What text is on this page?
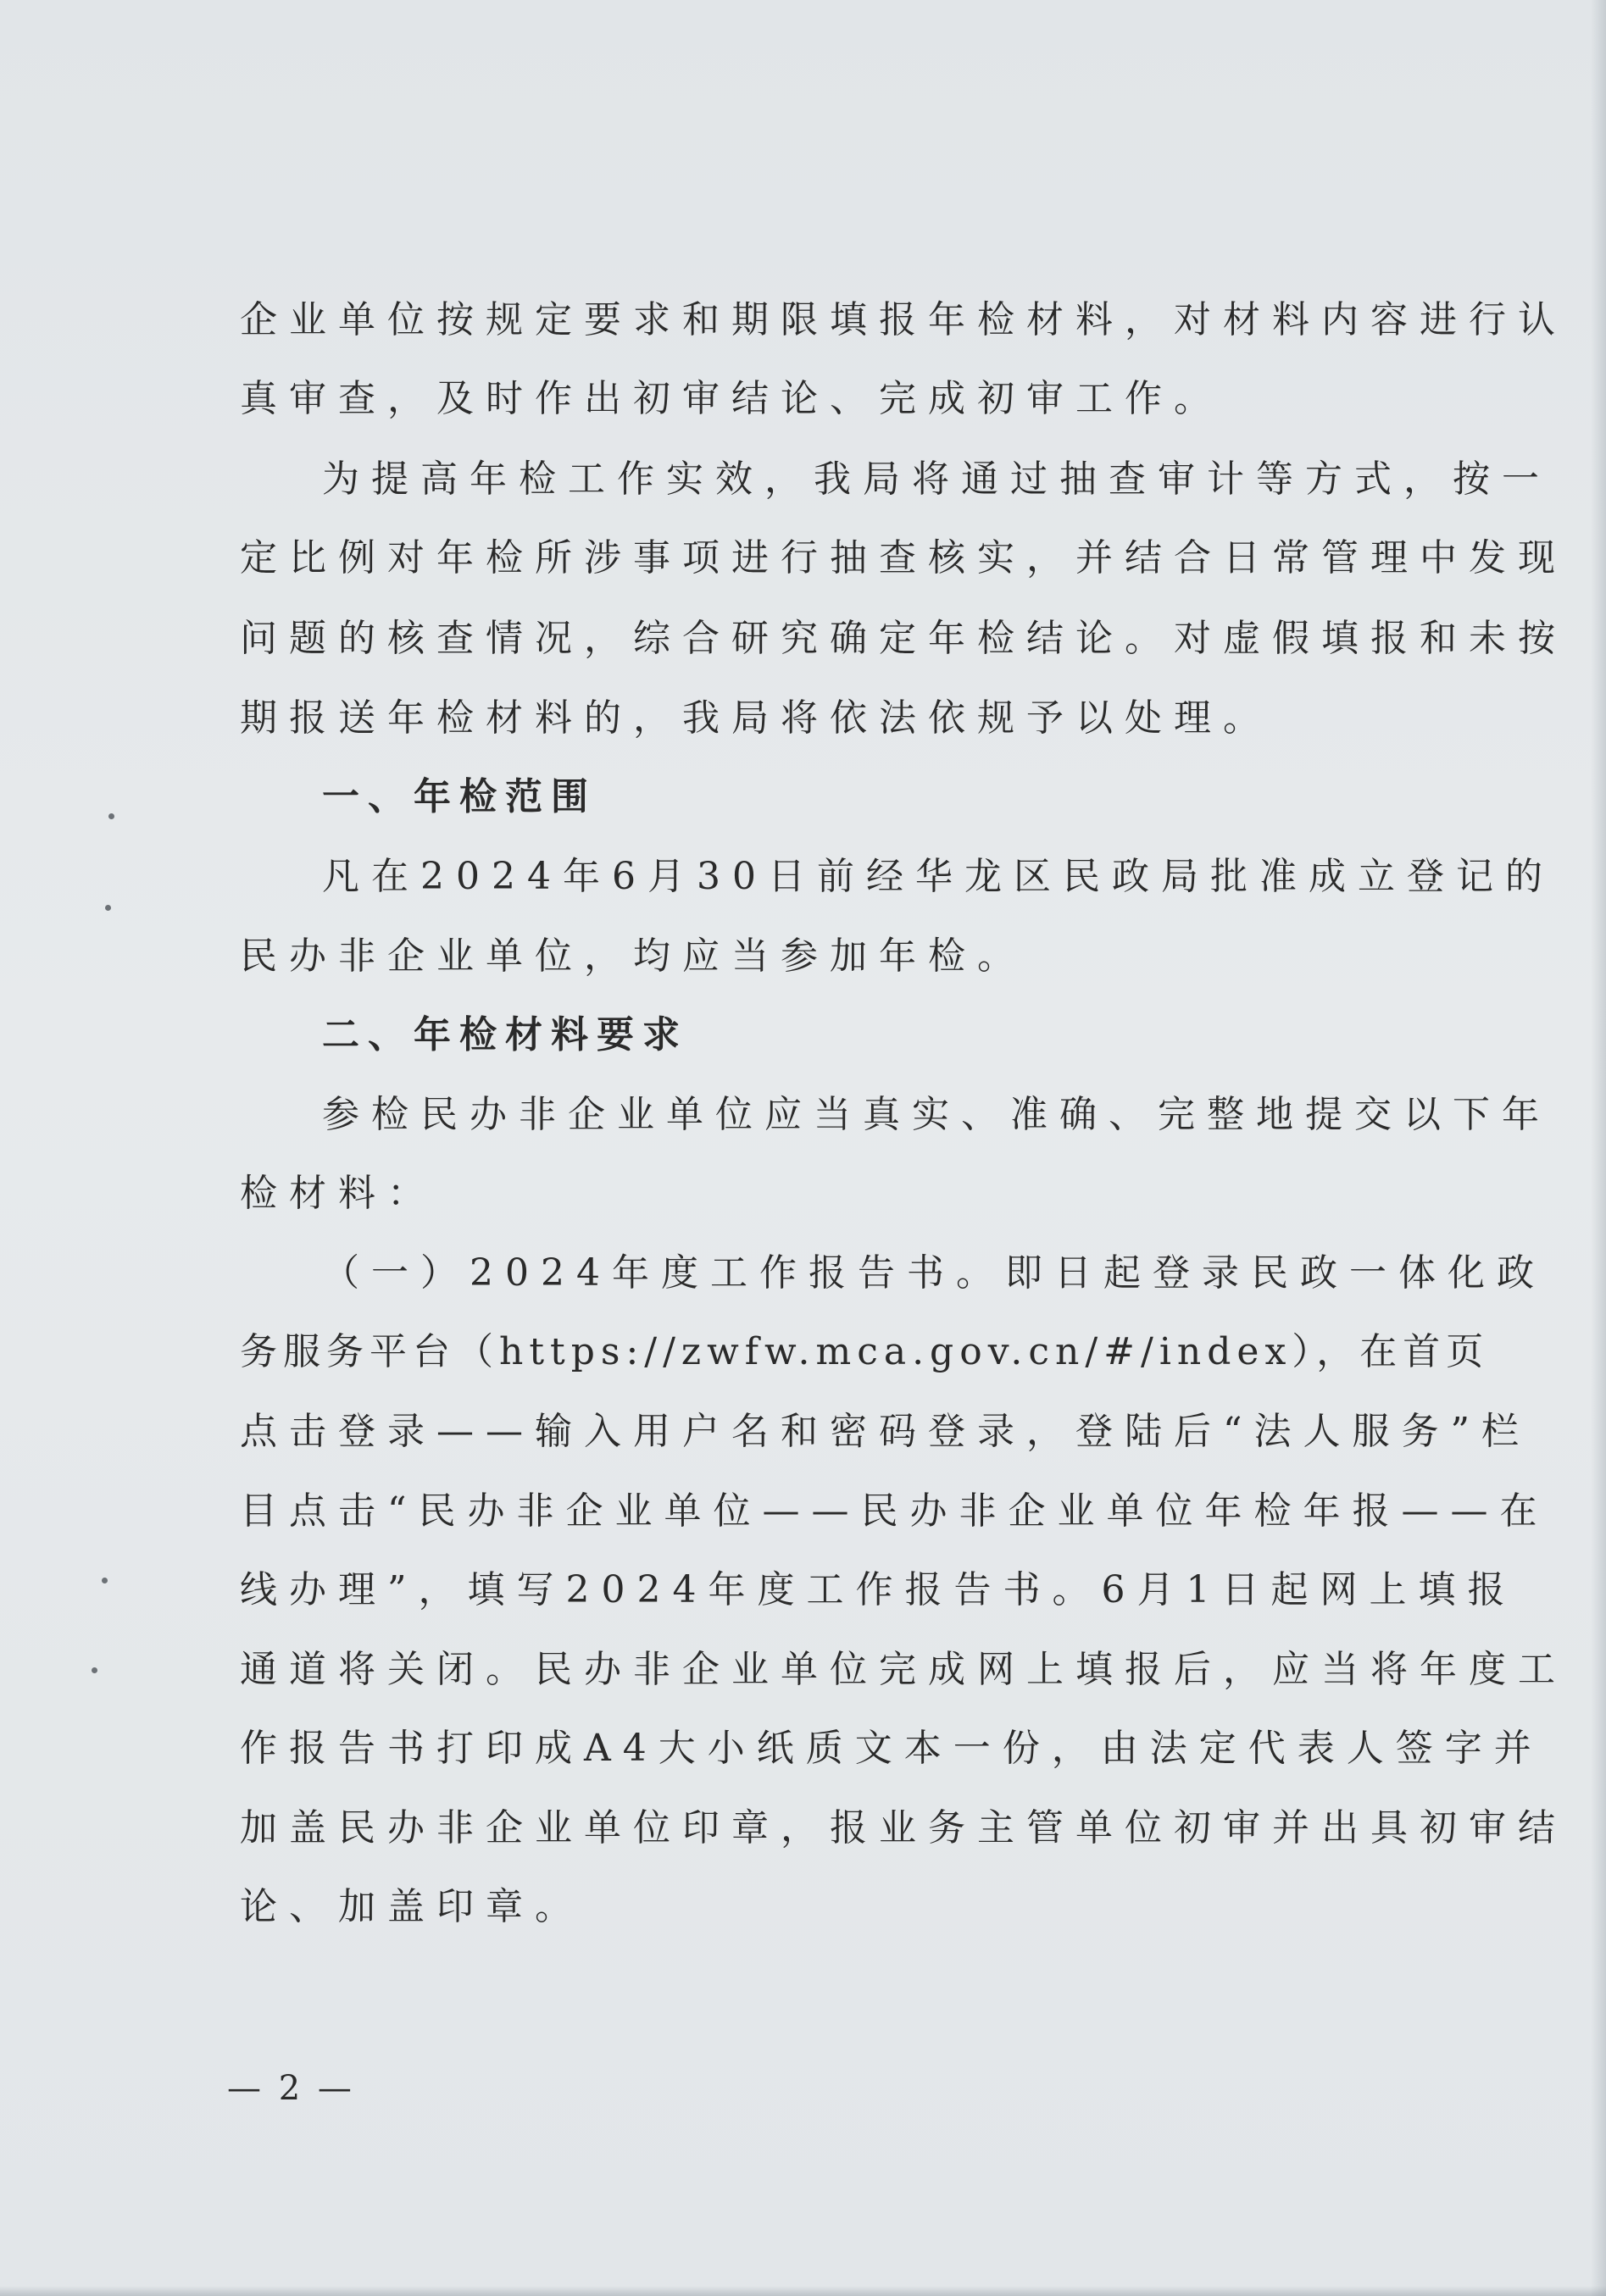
企业单位按规定要求和期限填报年检材料，对材料内容进行认

真审查，及时作出初审结论、完成初审工作。

为提高年检工作实效，我局将通过抽查审计等方式，按一

定比例对年检所涉事项进行抽查核实，并结合日常管理中发现

问题的核查情况，综合研究确定年检结论。对虚假填报和未按

期报送年检材料的，我局将依法依规予以处理。

一、年检范围

凡在2024年6月30日前经华龙区民政局批准成立登记的

民办非企业单位，均应当参加年检。

二、年检材料要求

参检民办非企业单位应当真实、准确、完整地提交以下年

检材料：

（一）2024年度工作报告书。即日起登录民政一体化政

务服务平台（https://zwfw.mca.gov.cn/#/index），在首页

点击登录——输入用户名和密码登录，登陆后“法人服务”栏

目点击“民办非企业单位——民办非企业单位年检年报——在

线办理”，填写2024年度工作报告书。6月1日起网上填报

通道将关闭。民办非企业单位完成网上填报后，应当将年度工

作报告书打印成A4大小纸质文本一份，由法定代表人签字并

加盖民办非企业单位印章，报业务主管单位初审并出具初审结

论、加盖印章。

— 2 —
